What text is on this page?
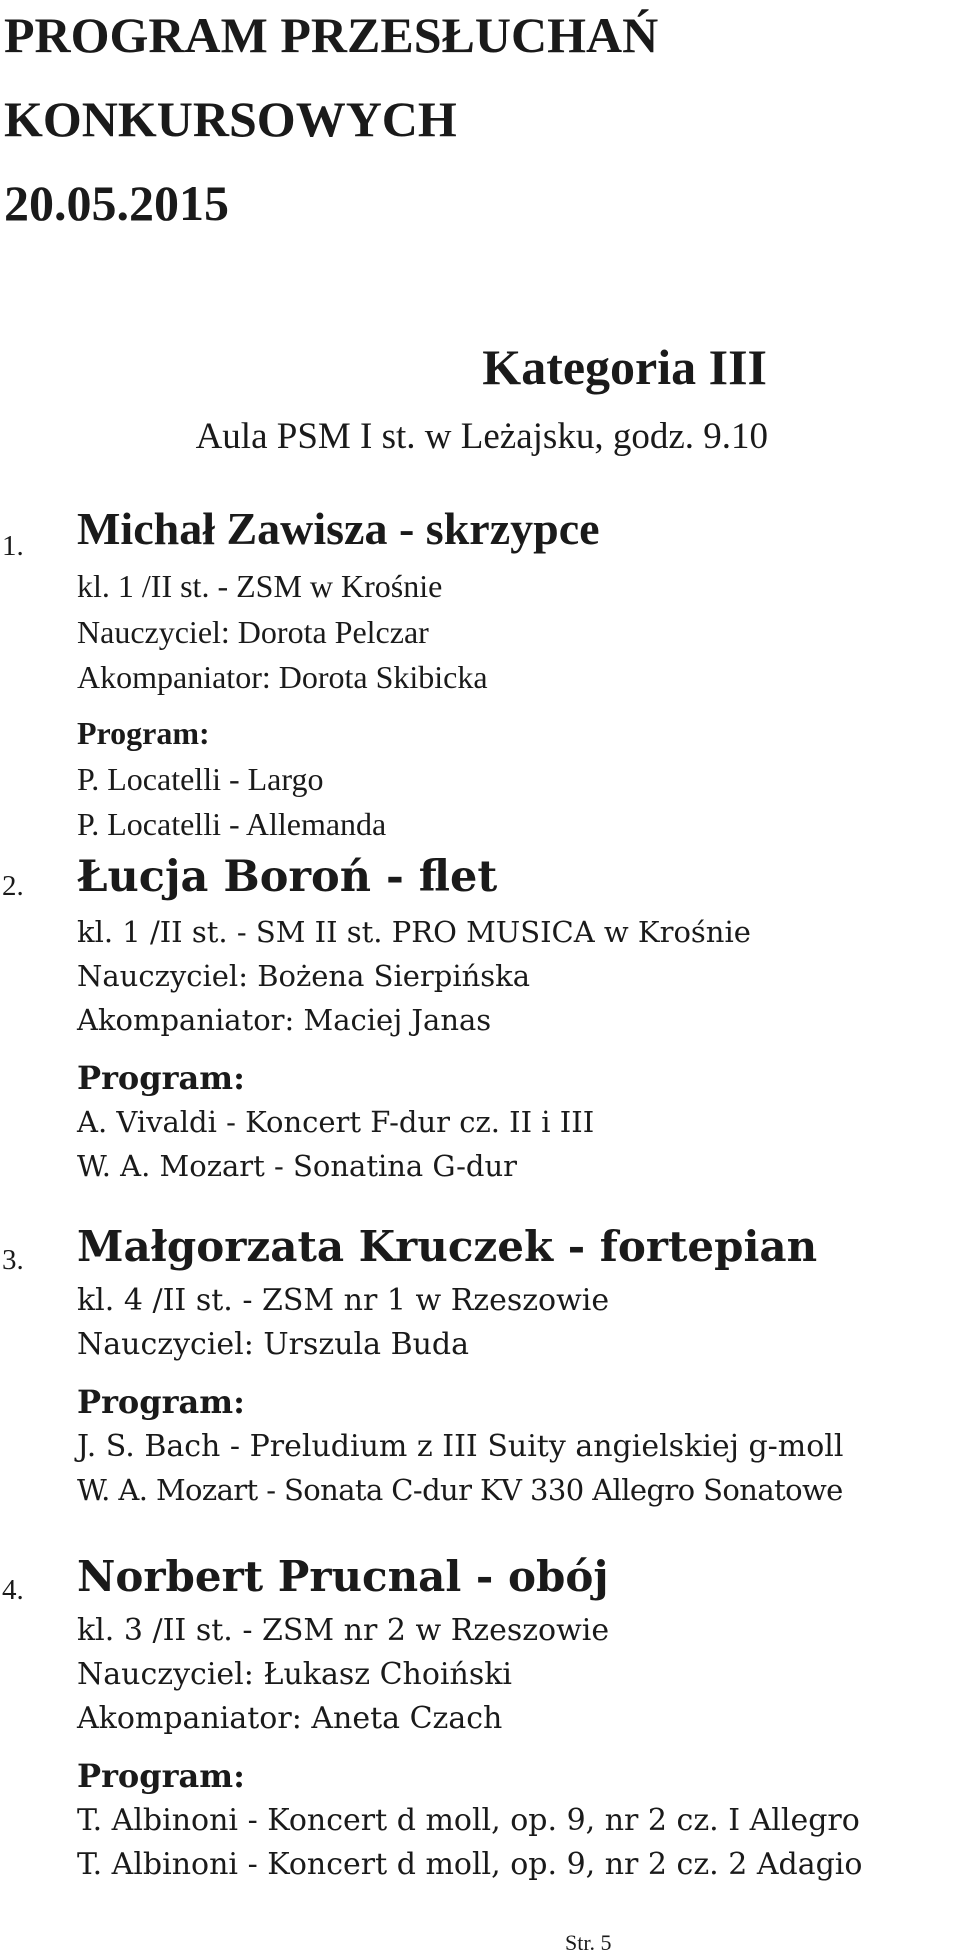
PROGRAM PRZESŁUCHAŃ
KONKURSOWYCH
20.05.2015
Kategoria III
Aula PSM I st. w Leżajsku, godz. 9.10
1. Michał Zawisza - skrzypce
kl. 1 /II st. - ZSM w Krośnie
Nauczyciel: Dorota Pelczar
Akompaniator: Dorota Skibicka
Program:
P. Locatelli - Largo
P. Locatelli - Allemanda
2. Łucja Boroń - flet
kl. 1 /II st. - SM II st. PRO MUSICA w Krośnie
Nauczyciel: Bożena Sierpińska
Akompaniator: Maciej Janas
Program:
A. Vivaldi - Koncert F-dur cz. II i III
W. A. Mozart - Sonatina G-dur
3. Małgorzata Kruczek - fortepian
kl. 4 /II st. - ZSM nr 1 w Rzeszowie
Nauczyciel: Urszula Buda
Program:
J. S. Bach - Preludium z III Suity angielskiej g-moll
W. A. Mozart - Sonata C-dur KV 330 Allegro Sonatowe
4. Norbert Prucnal - obój
kl. 3 /II st. - ZSM nr 2 w Rzeszowie
Nauczyciel: Łukasz Choiński
Akompaniator: Aneta Czach
Program:
T. Albinoni - Koncert d moll, op. 9, nr 2 cz. I Allegro
T. Albinoni - Koncert d moll, op. 9, nr 2 cz. 2 Adagio
Str. 5
